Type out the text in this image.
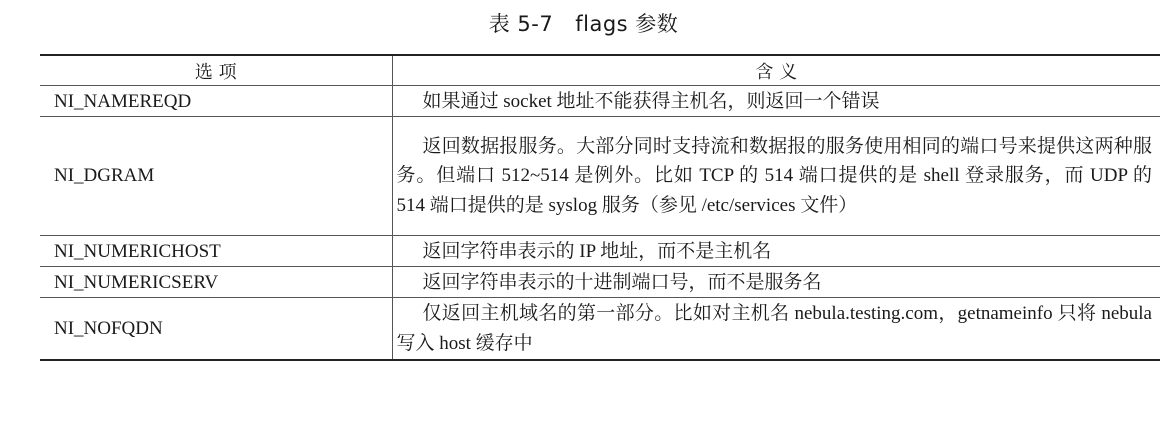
表 5-7 flags 参数
选 项	含 义
NI_NAMEREQD	如果通过 socket 地址不能获得主机名，则返回一个错误
NI_DGRAM	返回数据报服务。大部分同时支持流和数据报的服务使用相同的端口号来提供这两种服务。但端口 512~514 是例外。比如 TCP 的 514 端口提供的是 shell 登录服务，而 UDP 的 514 端口提供的是 syslog 服务（参见 /etc/services 文件）
NI_NUMERICHOST	返回字符串表示的 IP 地址，而不是主机名
NI_NUMERICSERV	返回字符串表示的十进制端口号，而不是服务名
NI_NOFQDN	仅返回主机域名的第一部分。比如对主机名 nebula.testing.com，getnameinfo 只将 nebula 写入 host 缓存中
